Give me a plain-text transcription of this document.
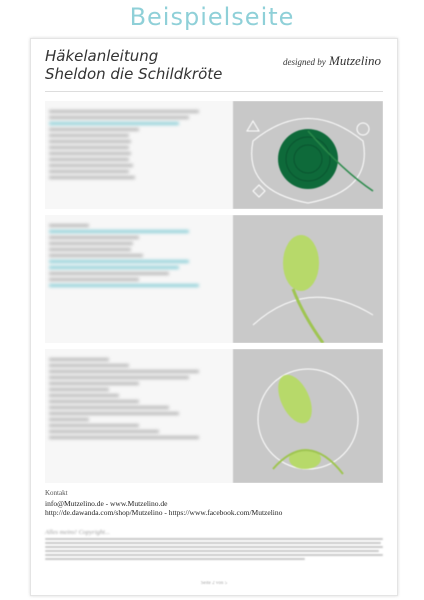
Beispielseite
Häkelanleitung
Sheldon die Schildkröte
designed by Mutzelino
Kontakt
info@Mutzelino.de - www.Mutzelino.de
http://de.dawanda.com/shop/Mutzelino - https://www.facebook.com/Mutzelino
Alles meins! Copyright...
Seite 2 von 5
